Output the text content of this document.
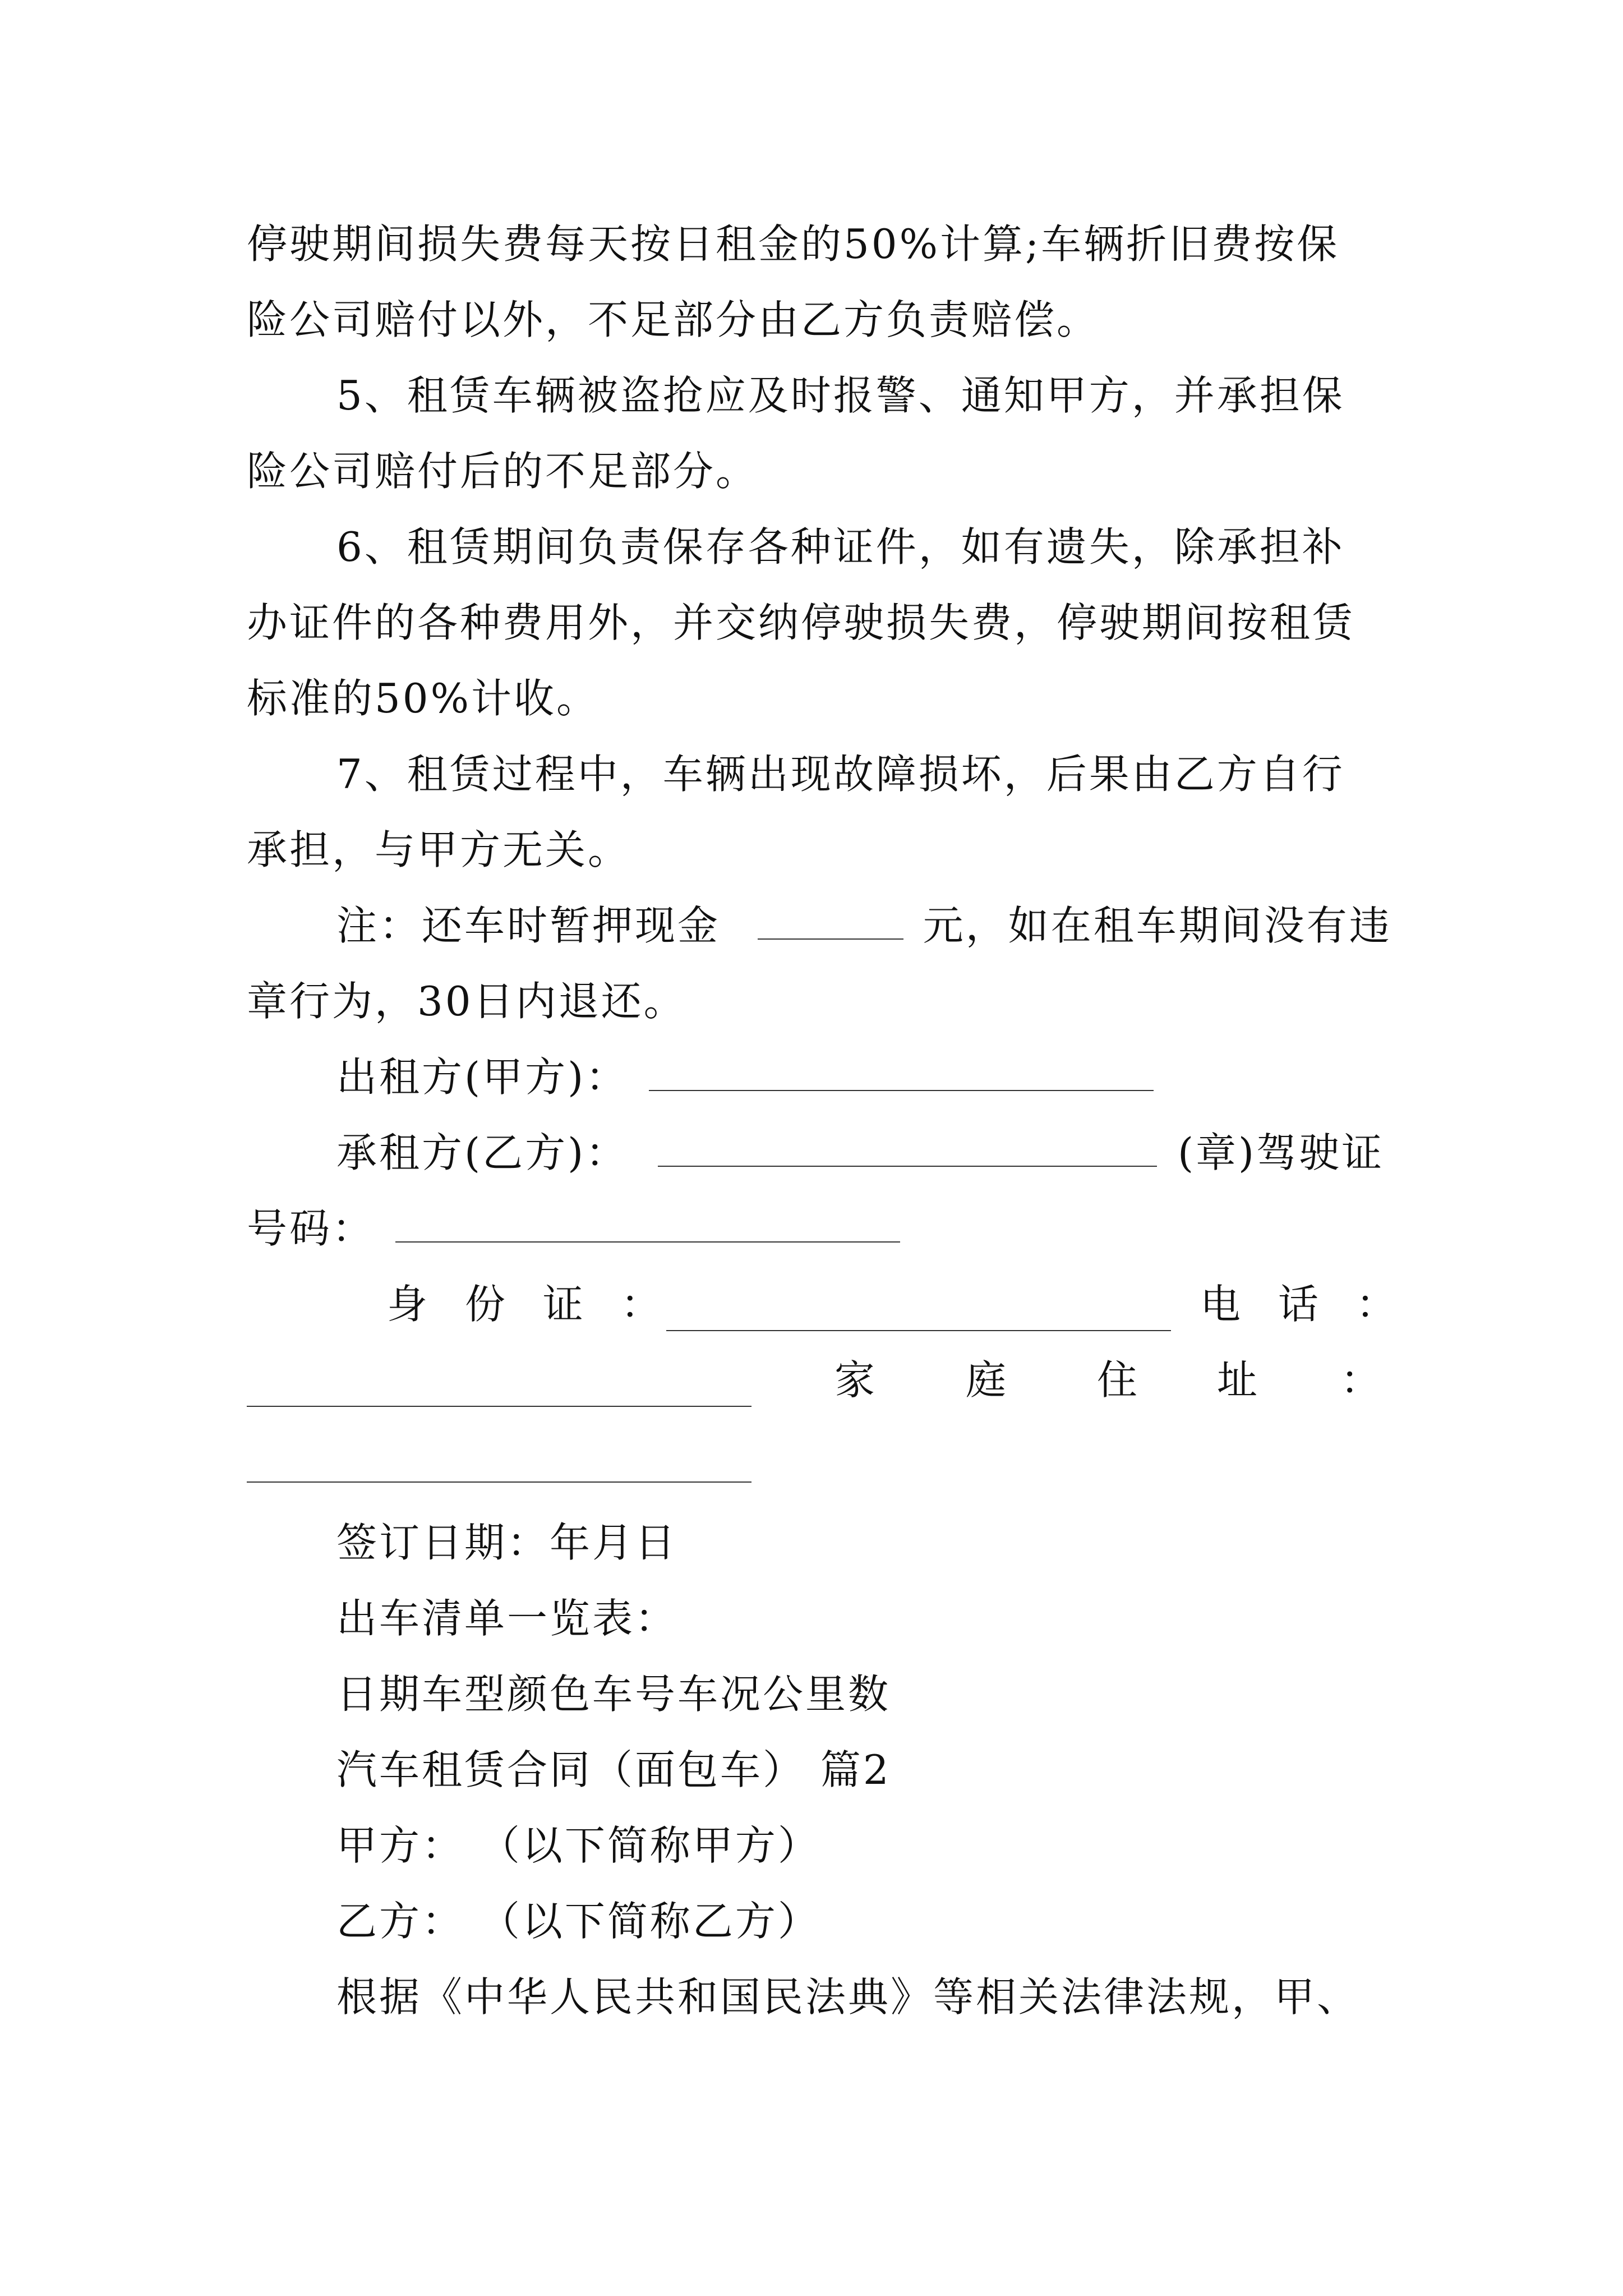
停驶期间损失费每天按日租金的50%计算;车辆折旧费按保
险公司赔付以外，不足部分由乙方负责赔偿。
5、租赁车辆被盗抢应及时报警、通知甲方，并承担保
险公司赔付后的不足部分。
6、租赁期间负责保存各种证件，如有遗失，除承担补
办证件的各种费用外，并交纳停驶损失费，停驶期间按租赁
标准的50%计收。
7、租赁过程中，车辆出现故障损坏，后果由乙方自行
承担，与甲方无关。
注：还车时暂押现金	元，如在租车期间没有违
章行为，30日内退还。
出租方(甲方)：
承租方(乙方)：	(章)驾驶证
号码：
身 份 证 ：	电 话 ：
家 庭 住 址 ：
签订日期：年月日
出车清单一览表：
日期车型颜色车号车况公里数
汽车租赁合同（面包车） 篇2
甲方： （以下简称甲方）
乙方： （以下简称乙方）
根据《中华人民共和国民法典》等相关法律法规，甲、
